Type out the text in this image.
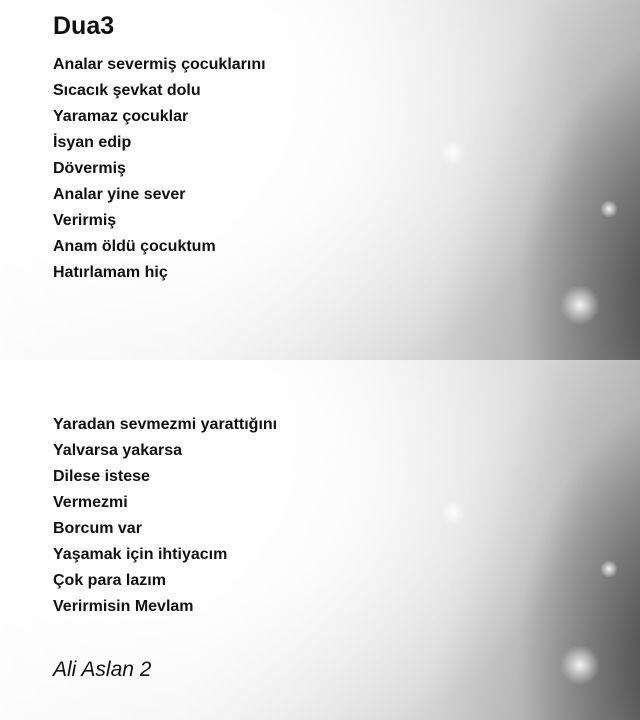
Dua3
Analar severmiş çocuklarını
Sıcacık şevkat dolu
Yaramaz çocuklar
İsyan edip
Dövermiş
Analar yine sever
Verirmiş
Anam öldü çocuktum
Hatırlamam hiç
Yaradan sevmezmi yarattığını
Yalvarsa yakarsa
Dilese istese
Vermezmi
Borcum var
Yaşamak için ihtiyacım
Çok para lazım
Verirmisin Mevlam
Ali Aslan 2
